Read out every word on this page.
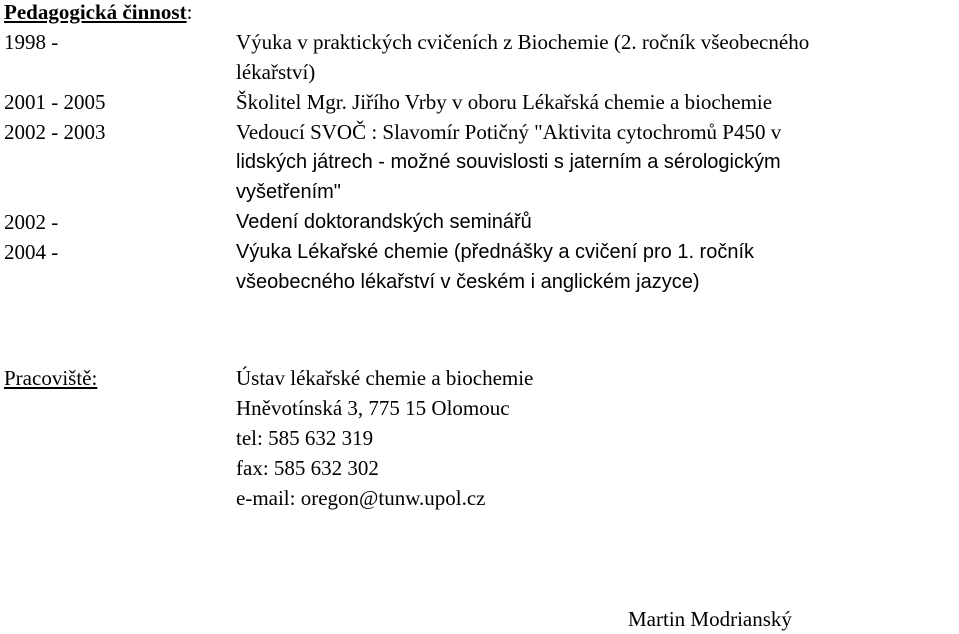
Pedagogická činnost:
1998 -	Výuka v praktických cvičeních z Biochemie (2. ročník všeobecného
lékařství)
2001 - 2005	Školitel Mgr. Jiřího Vrby v oboru Lékařská chemie a biochemie
2002 - 2003	Vedoucí SVOČ : Slavomír Potičný "Aktivita cytochromů P450 v
lidských játrech - možné souvislosti s jaterním a sérologickým
vyšetřením"
2002 -	Vedení doktorandských seminářů
2004 -	Výuka Lékařské chemie (přednášky a cvičení pro 1. ročník
všeobecného lékařství v českém i anglickém jazyce)
Pracoviště:	Ústav lékařské chemie a biochemie
Hněvotínská 3, 775 15 Olomouc
tel: 585 632 319
fax: 585 632 302
e-mail: oregon@tunw.upol.cz
Martin Modrianský
